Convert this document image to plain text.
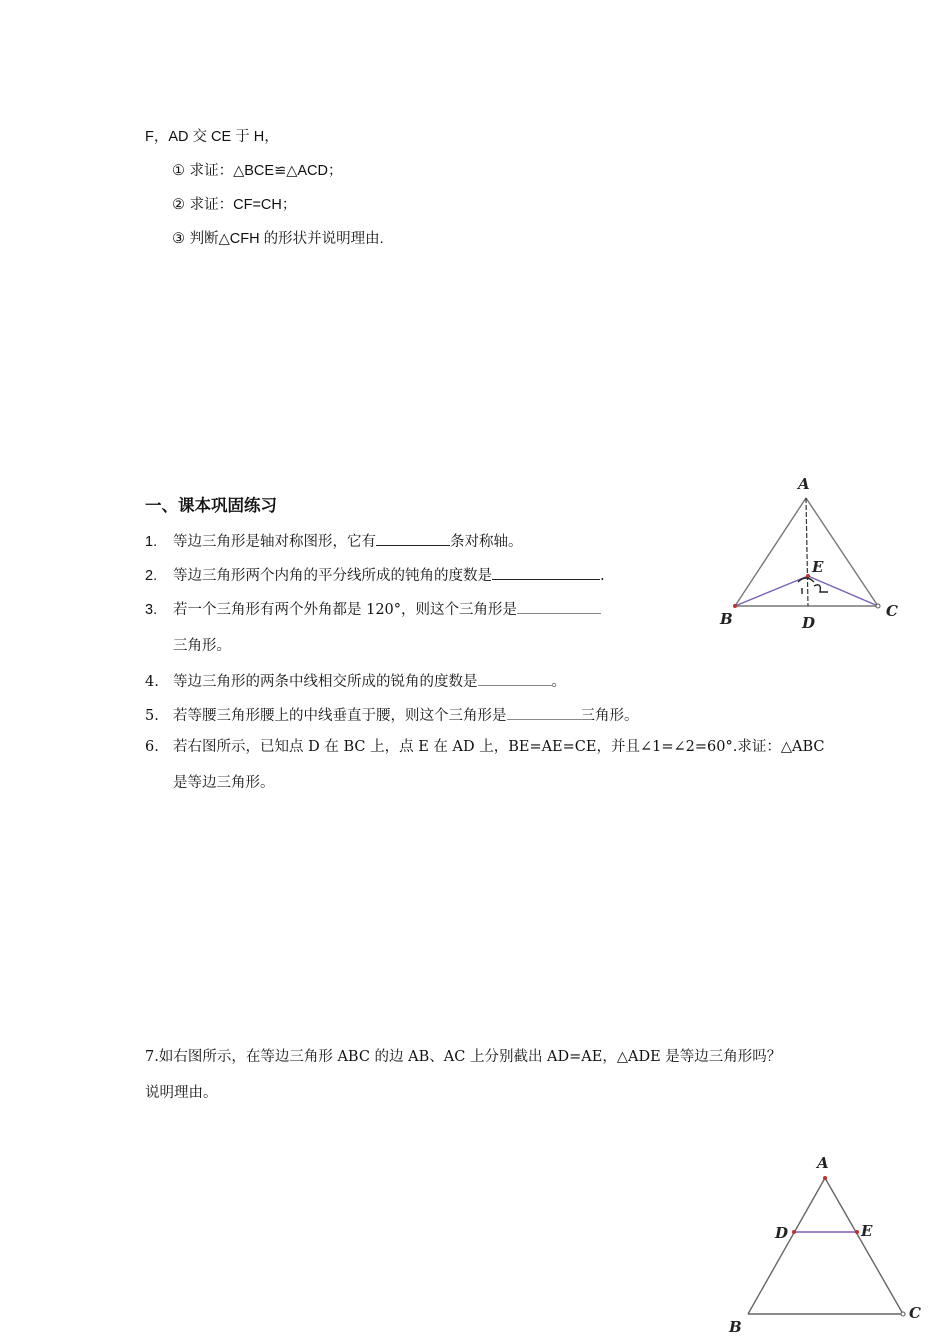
F，AD 交 CE 于 H，
① 求证：△BCE≌△ACD；
② 求证：CF=CH；
③ 判断△CFH 的形状并说明理由.
一、课本巩固练习
1. 等边三角形是轴对称图形，它有	条对称轴。
2. 等边三角形两个内角的平分线所成的钝角的度数是	.
3. 若一个三角形有两个外角都是 120°，则这个三角形是
三角形。
4. 等边三角形的两条中线相交所成的锐角的度数是	。
5. 若等腰三角形腰上的中线垂直于腰，则这个三角形是	三角形。
6. 若右图所示，已知点 D 在 BC 上，点 E 在 AD 上，BE=AE=CE，并且∠1=∠2=60°.求证：△ABC
是等边三角形。
7.如右图所示，在等边三角形 ABC 的边 AB、AC 上分别截出 AD=AE，△ADE 是等边三角形吗？
说明理由。
A
B	C
D
E
A
B
C
D	E
